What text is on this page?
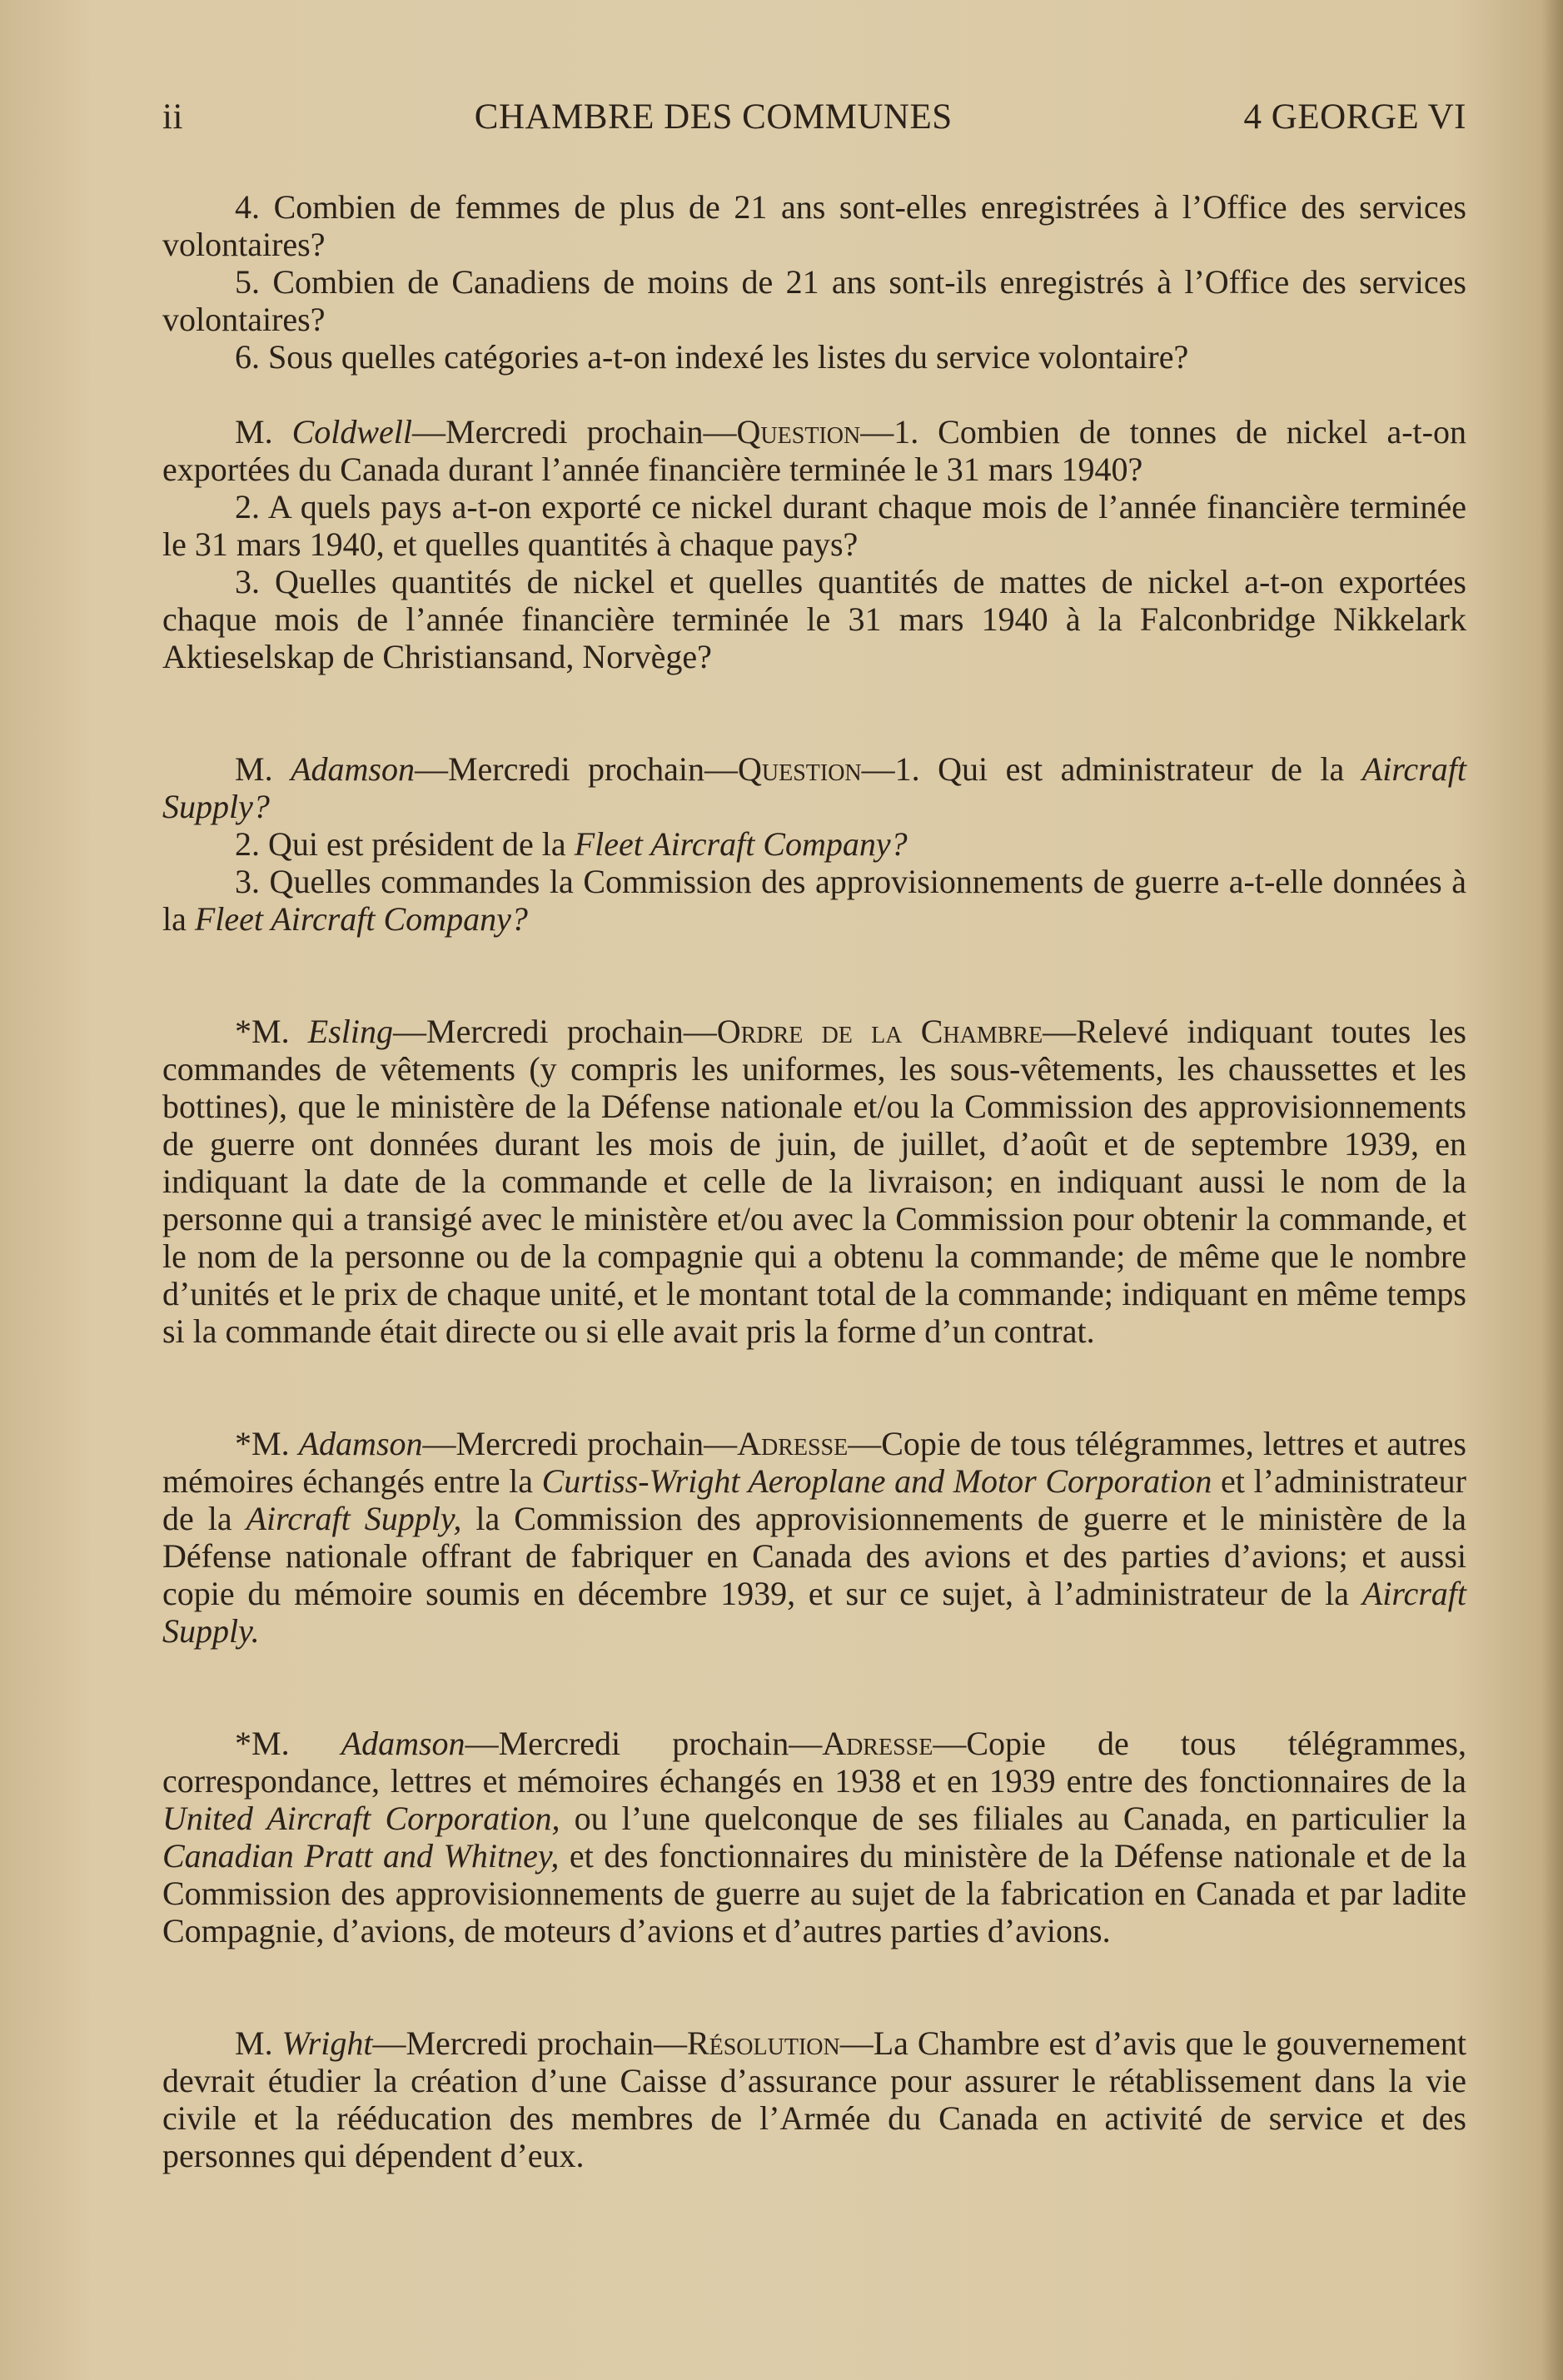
ii	CHAMBRE DES COMMUNES	4 GEORGE VI

4. Combien de femmes de plus de 21 ans sont-elles enregistrées à l’Office des services volontaires?

5. Combien de Canadiens de moins de 21 ans sont-ils enregistrés à l’Office des services volontaires?

6. Sous quelles catégories a-t-on indexé les listes du service volontaire?

M. Coldwell—Mercredi prochain—Question—1. Combien de tonnes de nickel a-t-on exportées du Canada durant l’année financière terminée le 31 mars 1940?

2. A quels pays a-t-on exporté ce nickel durant chaque mois de l’année financière terminée le 31 mars 1940, et quelles quantités à chaque pays?

3. Quelles quantités de nickel et quelles quantités de mattes de nickel a-t-on exportées chaque mois de l’année financière terminée le 31 mars 1940 à la Falconbridge Nikkelark Aktieselskap de Christiansand, Norvège?

M. Adamson—Mercredi prochain—Question—1. Qui est administrateur de la Aircraft Supply?

2. Qui est président de la Fleet Aircraft Company?

3. Quelles commandes la Commission des approvisionnements de guerre a-t-elle données à la Fleet Aircraft Company?

*M. Esling—Mercredi prochain—Ordre de la Chambre—Relevé indiquant toutes les commandes de vêtements (y compris les uniformes, les sous-vêtements, les chaussettes et les bottines), que le ministère de la Défense nationale et/ou la Commission des approvisionnements de guerre ont données durant les mois de juin, de juillet, d’août et de septembre 1939, en indiquant la date de la commande et celle de la livraison; en indiquant aussi le nom de la personne qui a transigé avec le ministère et/ou avec la Commission pour obtenir la commande, et le nom de la personne ou de la compagnie qui a obtenu la commande; de même que le nombre d’unités et le prix de chaque unité, et le montant total de la commande; indiquant en même temps si la commande était directe ou si elle avait pris la forme d’un contrat.

*M. Adamson—Mercredi prochain—Adresse—Copie de tous télégrammes, lettres et autres mémoires échangés entre la Curtiss-Wright Aeroplane and Motor Corporation et l’administrateur de la Aircraft Supply, la Commission des approvisionnements de guerre et le ministère de la Défense nationale offrant de fabriquer en Canada des avions et des parties d’avions; et aussi copie du mémoire soumis en décembre 1939, et sur ce sujet, à l’administrateur de la Aircraft Supply.

*M. Adamson—Mercredi prochain—Adresse—Copie de tous télégrammes, correspondance, lettres et mémoires échangés en 1938 et en 1939 entre des fonctionnaires de la United Aircraft Corporation, ou l’une quelconque de ses filiales au Canada, en particulier la Canadian Pratt and Whitney, et des fonctionnaires du ministère de la Défense nationale et de la Commission des approvisionnements de guerre au sujet de la fabrication en Canada et par ladite Compagnie, d’avions, de moteurs d’avions et d’autres parties d’avions.

M. Wright—Mercredi prochain—Résolution—La Chambre est d’avis que le gouvernement devrait étudier la création d’une Caisse d’assurance pour assurer le rétablissement dans la vie civile et la rééducation des membres de l’Armée du Canada en activité de service et des personnes qui dépendent d’eux.
